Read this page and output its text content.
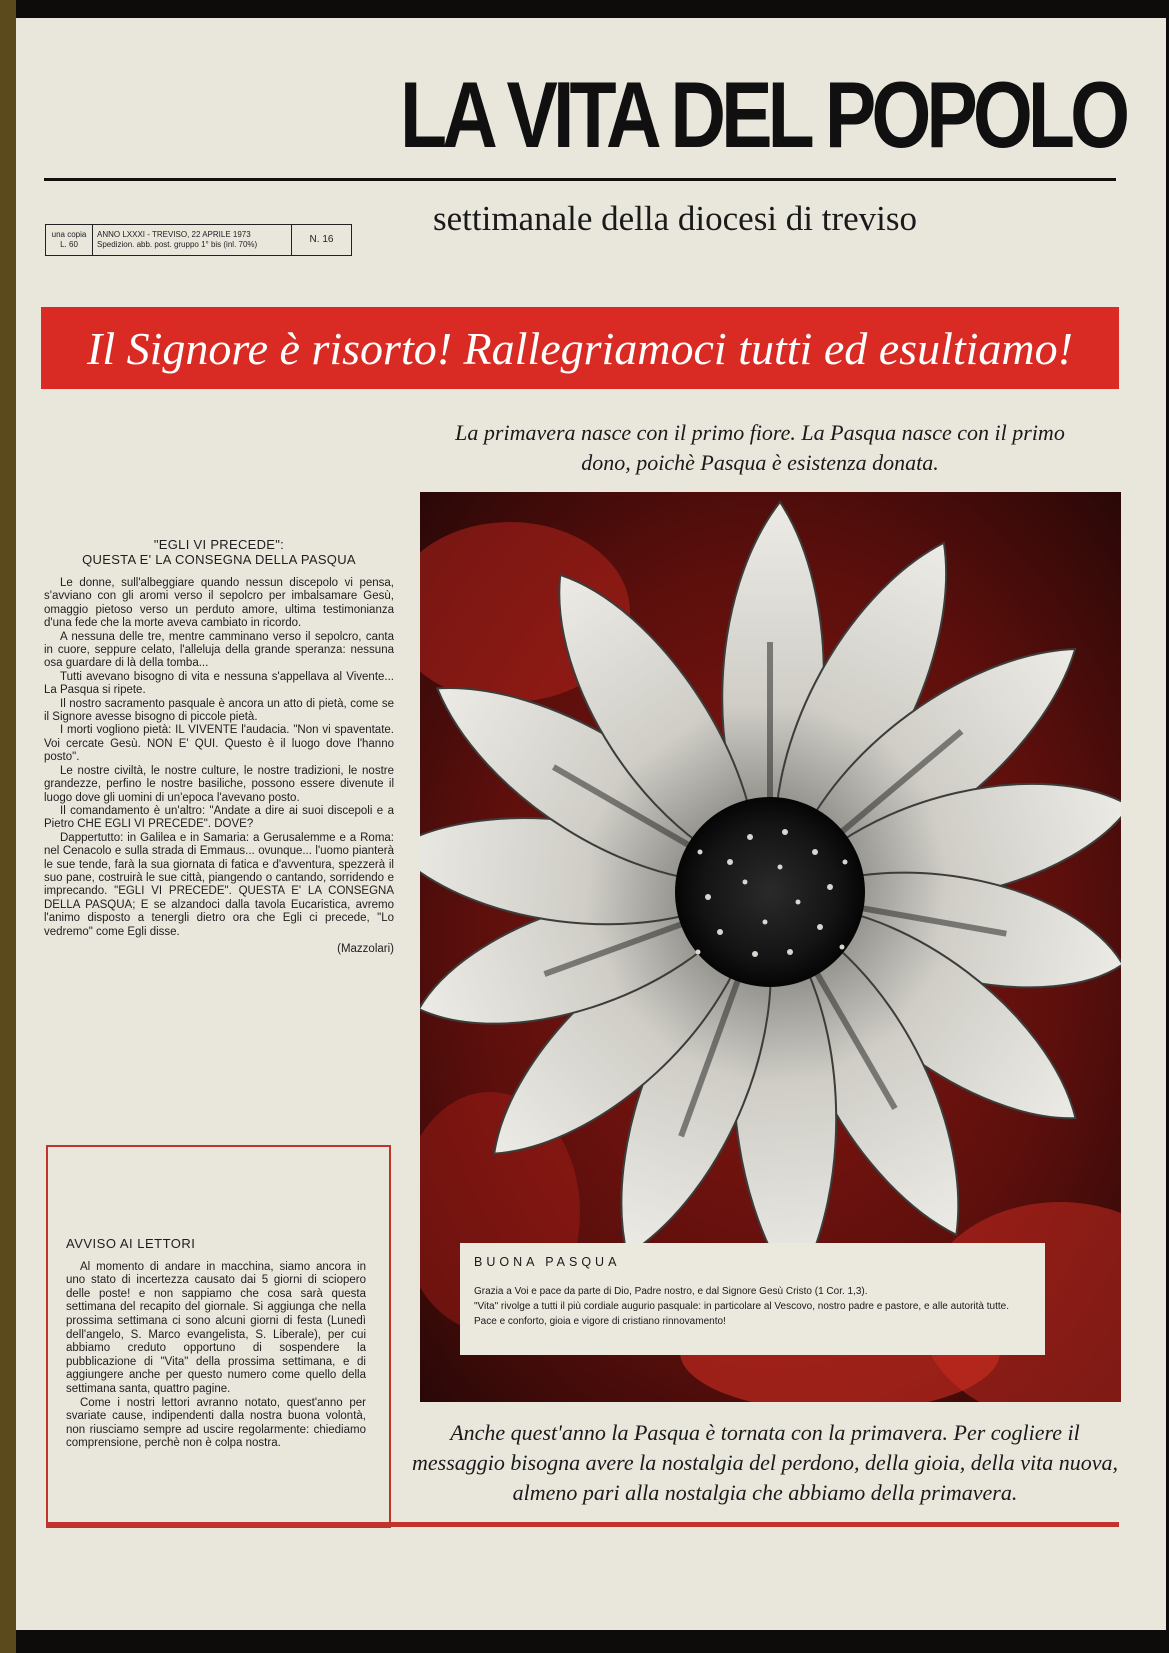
LA VITA DEL POPOLO
settimanale della diocesi di treviso
una copia
L. 60
ANNO LXXXI - TREVISO, 22 APRILE 1973
Spedizion. abb. post. gruppo 1° bis (inl. 70%)	N. 16
Il Signore è risorto! Rallegriamoci tutti ed esultiamo!
La primavera nasce con il primo fiore. La Pasqua nasce con il primo
dono, poichè Pasqua è esistenza donata.
"EGLI VI PRECEDE":
QUESTA E' LA CONSEGNA DELLA PASQUA

Le donne, sull'albeggiare quando nessun discepolo vi pensa, s'avviano con gli aromi verso il sepolcro per imbalsamare Gesù, omaggio pietoso verso un perduto amore, ultima testimonianza d'una fede che la morte aveva cambiato in ricordo.

A nessuna delle tre, mentre camminano verso il sepolcro, canta in cuore, seppure celato, l'alleluja della grande speranza: nessuna osa guardare di là della tomba...

Tutti avevano bisogno di vita e nessuna s'appellava al Vivente... La Pasqua si ripete.

Il nostro sacramento pasquale è ancora un atto di pietà, come se il Signore avesse bisogno di piccole pietà.

I morti vogliono pietà: IL VIVENTE l'audacia. "Non vi spaventate. Voi cercate Gesù. NON E' QUI. Questo è il luogo dove l'hanno posto".

Le nostre civiltà, le nostre culture, le nostre tradizioni, le nostre grandezze, perfino le nostre basiliche, possono essere divenute il luogo dove gli uomini di un'epoca l'avevano posto.

Il comandamento è un'altro: "Andate a dire ai suoi discepoli e a Pietro CHE EGLI VI PRECEDE". DOVE?

Dappertutto: in Galilea e in Samaria: a Gerusalemme e a Roma: nel Cenacolo e sulla strada di Emmaus... ovunque... l'uomo pianterà le sue tende, farà la sua giornata di fatica e d'avventura, spezzerà il suo pane, costruirà le sue città, piangendo o cantando, sorridendo e imprecando. "EGLI VI PRECEDE". QUESTA E' LA CONSEGNA DELLA PASQUA; E se alzandoci dalla tavola Eucaristica, avremo l'animo disposto a tenergli dietro ora che Egli ci precede, "Lo vedremo" come Egli disse.

(Mazzolari)
AVVISO AI LETTORI

Al momento di andare in macchina, siamo ancora in uno stato di incertezza causato dai 5 giorni di sciopero delle poste! e non sappiamo che cosa sarà questa settimana del recapito del giornale. Si aggiunga che nella prossima settimana ci sono alcuni giorni di festa (Lunedì dell'angelo, S. Marco evangelista, S. Liberale), per cui abbiamo creduto opportuno di sospendere la pubblicazione di "Vita" della prossima settimana, e di aggiungere anche per questo numero come quello della settimana santa, quattro pagine.

Come i nostri lettori avranno notato, quest'anno per svariate cause, indipendenti dalla nostra buona volontà, non riusciamo sempre ad uscire regolarmente: chiediamo comprensione, perchè non è colpa nostra.

BUONA PASQUA

Grazia a Voi e pace da parte di Dio, Padre nostro, e dal Signore Gesù Cristo (1 Cor. 1,3).

"Vita" rivolge a tutti il più cordiale augurio pasquale: in particolare al Vescovo, nostro padre e pastore, e alle autorità tutte. Pace e conforto, gioia e vigore di cristiano rinnovamento!

Anche quest'anno la Pasqua è tornata con la primavera. Per cogliere il messaggio bisogna avere la nostalgia del perdono, della gioia, della vita nuova, almeno pari alla nostalgia che abbiamo della primavera.
